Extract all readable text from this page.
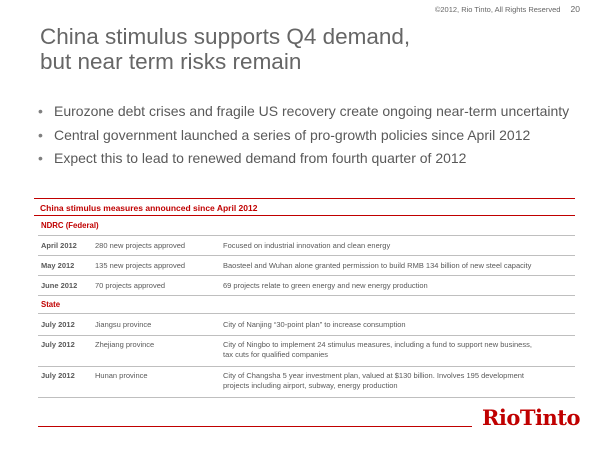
©2012, Rio Tinto, All Rights Reserved 20
China stimulus supports Q4 demand,
but near term risks remain
• Eurozone debt crises and fragile US recovery create ongoing near-term uncertainty
• Central government launched a series of pro-growth policies since April 2012
• Expect this to lead to renewed demand from fourth quarter of 2012
China stimulus measures announced since April 2012
NDRC (Federal)
April 2012	280 new projects approved	Focused on industrial innovation and clean energy
May 2012	135 new projects approved	Baosteel and Wuhan alone granted permission to build RMB 134 billion of new steel capacity
June 2012	70 projects approved	69 projects relate to green energy and new energy production
State
July 2012	Jiangsu province	City of Nanjing “30-point plan” to increase consumption
July 2012	Zhejiang province	City of Ningbo to implement 24 stimulus measures, including a fund to support new business,
tax cuts for qualified companies
July 2012	Hunan province	City of Changsha 5 year investment plan, valued at $130 billion. Involves 195 development
projects including airport, subway, energy production
RioTinto
